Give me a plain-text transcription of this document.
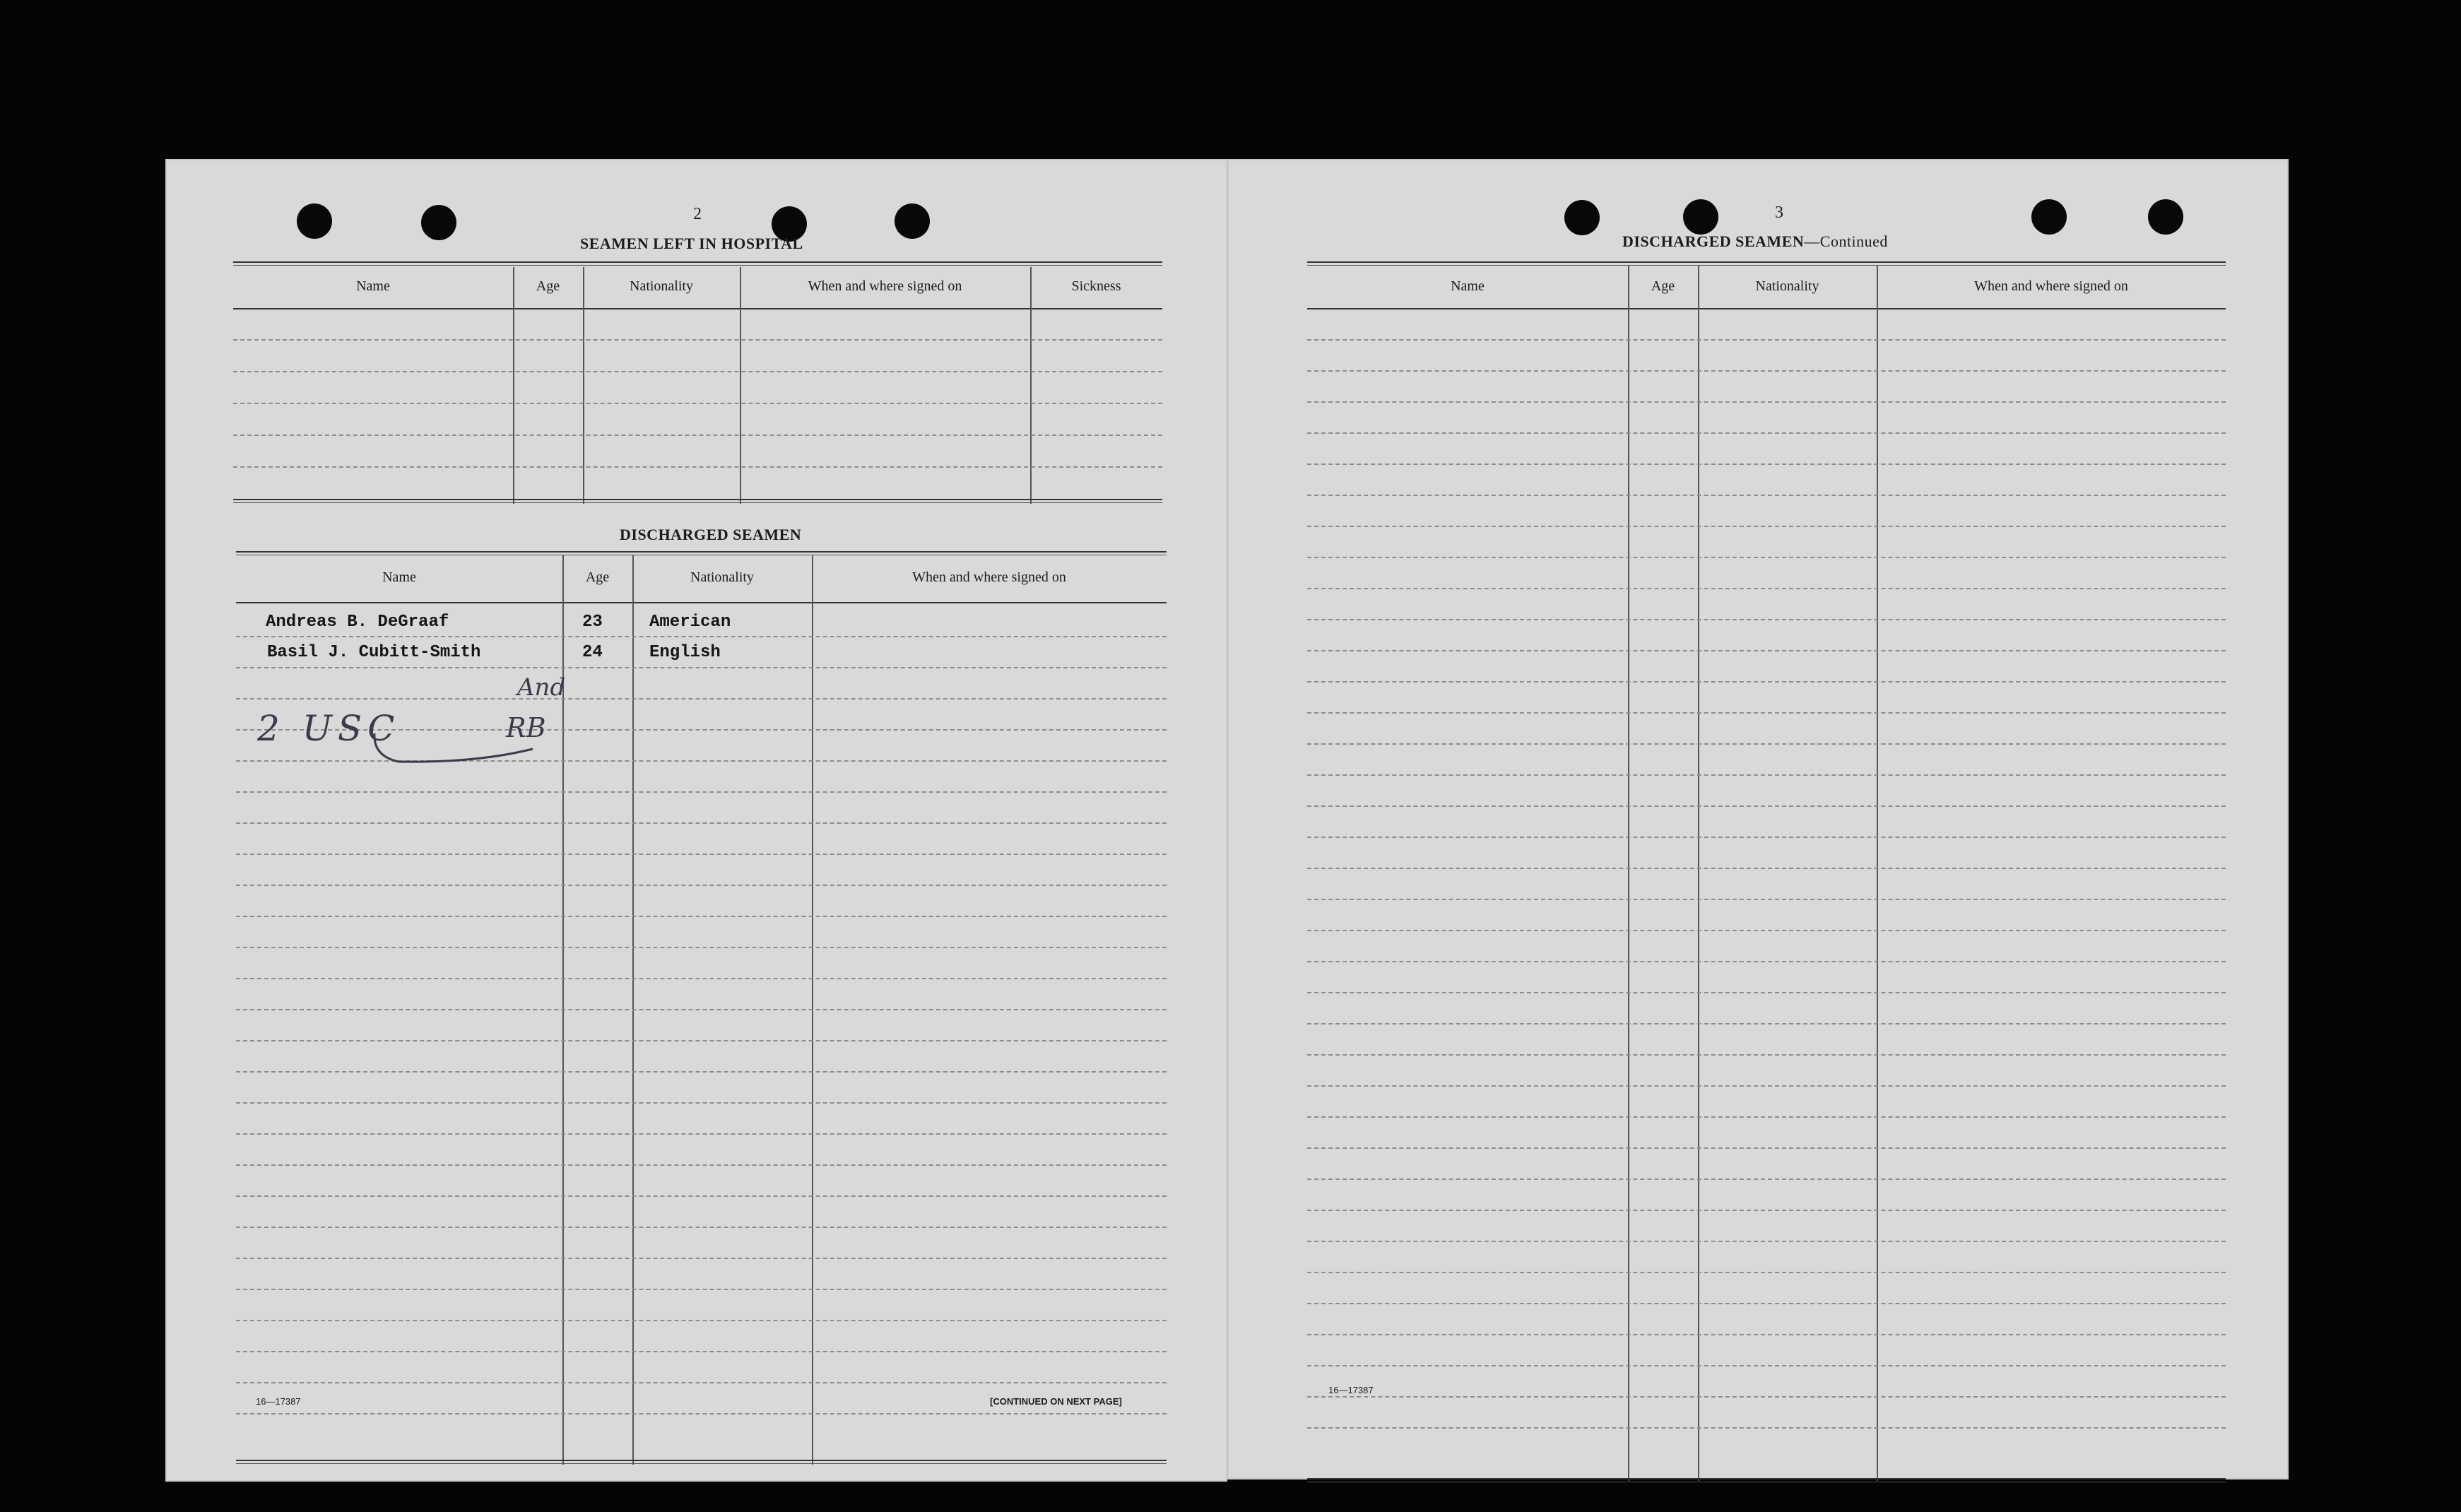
2
SEAMEN LEFT IN HOSPITAL
Name	Age	Nationality	When and where signed on	Sickness
DISCHARGED SEAMEN
Name	Age	Nationality	When and where signed on
Andreas B. DeGraaf	23	American
Basil J. Cubitt-Smith	24	English
2 USC
And
RB
16—17387	[CONTINUED ON NEXT PAGE]
3
DISCHARGED SEAMEN—Continued
Name	Age	Nationality	When and where signed on
16—17387
